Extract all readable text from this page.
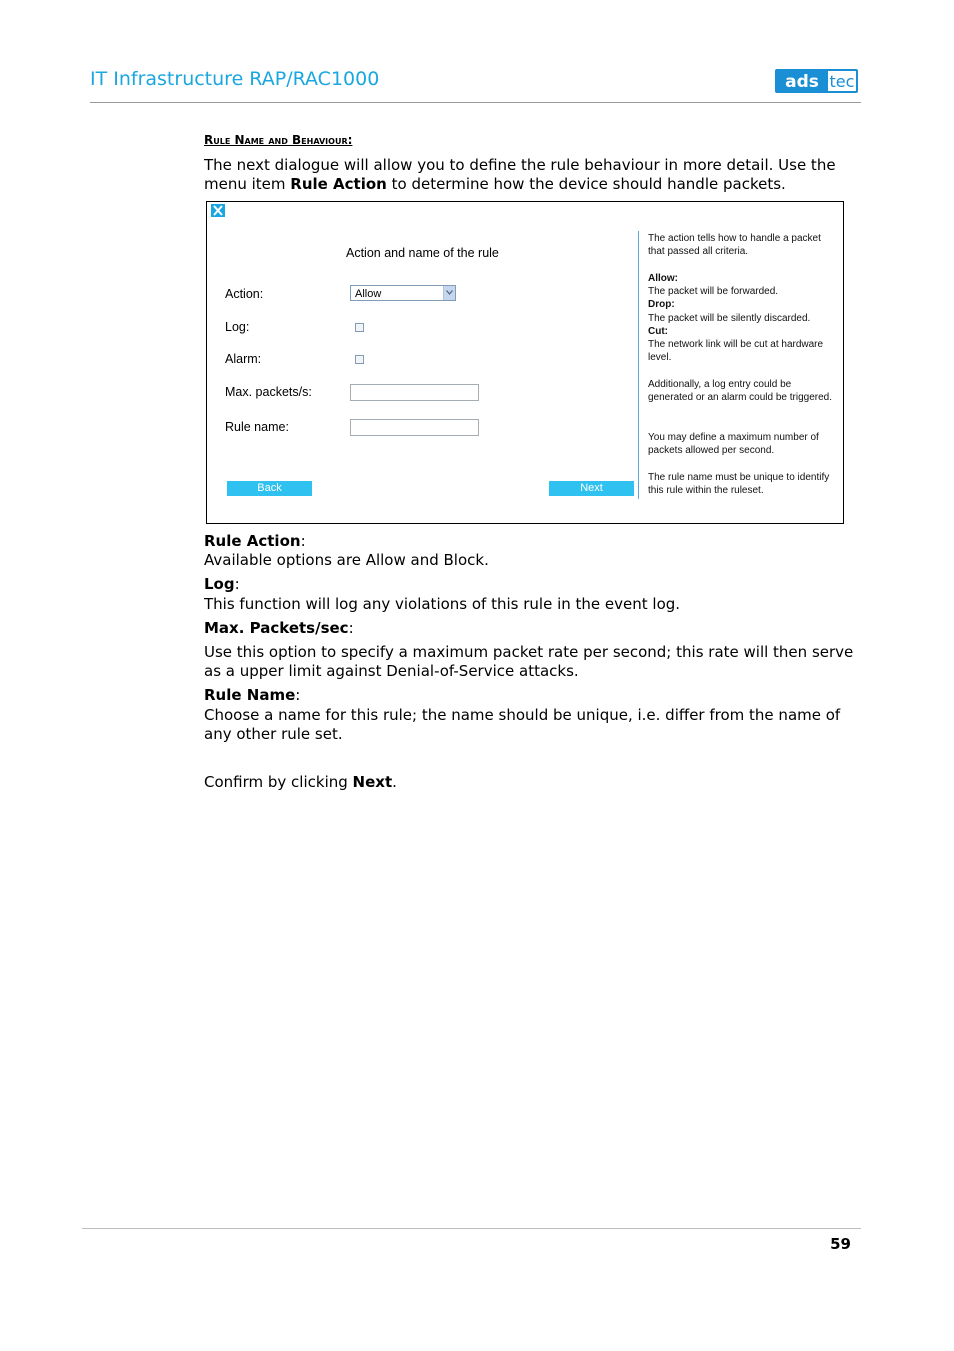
IT Infrastructure RAP/RAC1000	ads tec
Rule Name and Behaviour:
The next dialogue will allow you to define the rule behaviour in more detail. Use the menu item Rule Action to determine how the device should handle packets.
Action and name of the rule
Action:	Allow
Log:
Alarm:
Max. packets/s:
Rule name:
Back	Next
The action tells how to handle a packet that passed all criteria.
Allow:
The packet will be forwarded.
Drop:
The packet will be silently discarded.
Cut:
The network link will be cut at hardware level.
Additionally, a log entry could be generated or an alarm could be triggered.
You may define a maximum number of packets allowed per second.
The rule name must be unique to identify this rule within the ruleset.
Rule Action:
Available options are Allow and Block.
Log:
This function will log any violations of this rule in the event log.
Max. Packets/sec:
Use this option to specify a maximum packet rate per second; this rate will then serve as a upper limit against Denial-of-Service attacks.
Rule Name:
Choose a name for this rule; the name should be unique, i.e. differ from the name of any other rule set.
Confirm by clicking Next.
59
